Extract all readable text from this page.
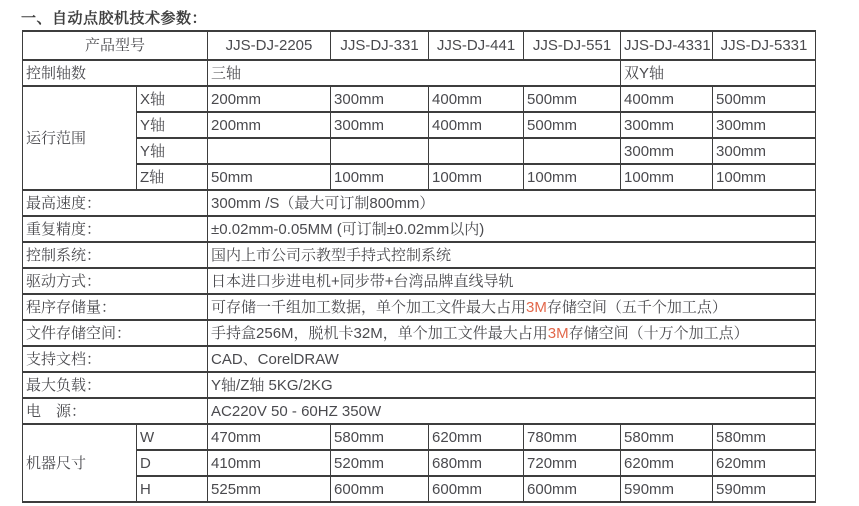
一、自动点胶机技术参数：
产品型号		JJS-DJ-2205	JJS-DJ-331	JJS-DJ-441	JJS-DJ-551	JJS-DJ-4331	JJS-DJ-5331
控制轴数		三轴				双Y轴	
运行范围	X轴	200mm	300mm	400mm	500mm	400mm	500mm
	Y轴	200mm	300mm	400mm	500mm	300mm	300mm
	Y轴					300mm	300mm
	Z轴	50mm	100mm	100mm	100mm	100mm	100mm
最高速度：		300mm /S（最大可订制800mm）					
重复精度：		±0.02mm-0.05MM (可订制±0.02mm以内)					
控制系统：		国内上市公司示教型手持式控制系统					
驱动方式：		日本进口步进电机+同步带+台湾品牌直线导轨					
程序存储量：		可存储一千组加工数据，单个加工文件最大占用3M存储空间（五千个加工点）					
文件存储空间：		手持盒256M，脱机卡32M，单个加工文件最大占用3M存储空间（十万个加工点）					
支持文档：		CAD、CorelDRAW					
最大负载：		Y轴/Z轴 5KG/2KG					
电　源：		AC220V 50 - 60HZ 350W					
机器尺寸	W	470mm	580mm	620mm	780mm	580mm	580mm
	D	410mm	520mm	680mm	720mm	620mm	620mm
	H	525mm	600mm	600mm	600mm	590mm	590mm
